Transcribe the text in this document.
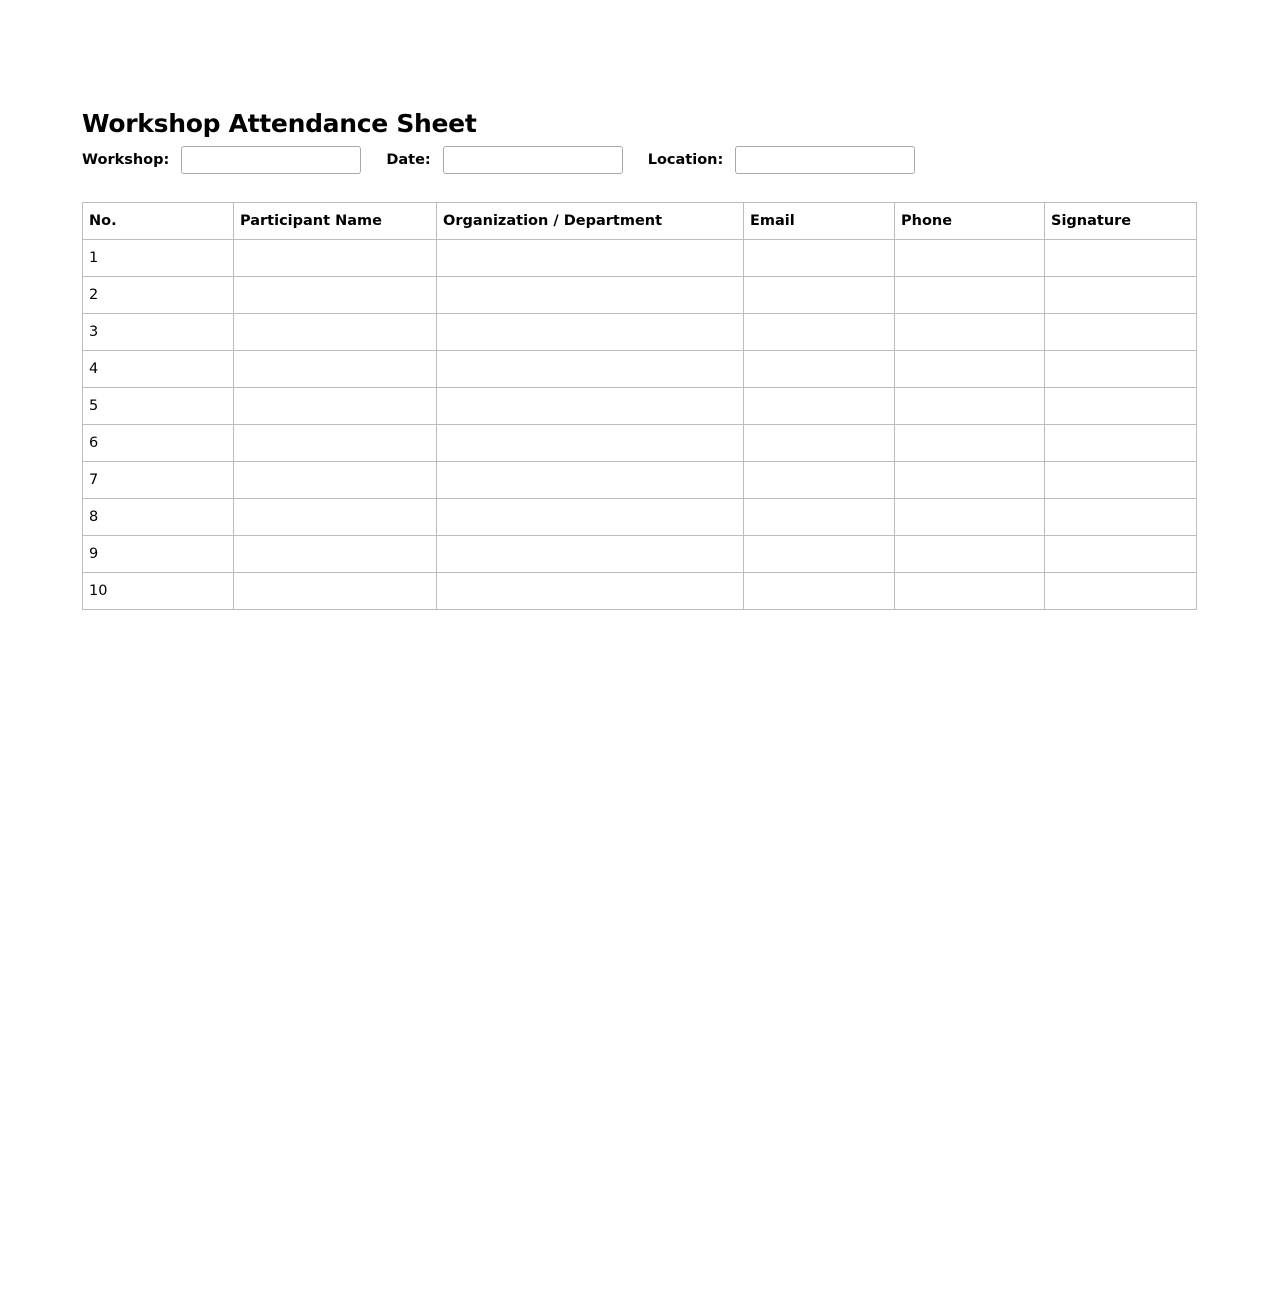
Workshop Attendance Sheet
Workshop:	Date:	Location:
No.	Participant Name	Organization / Department	Email	Phone	Signature
1					
2					
3					
4					
5					
6					
7					
8					
9					
10					
